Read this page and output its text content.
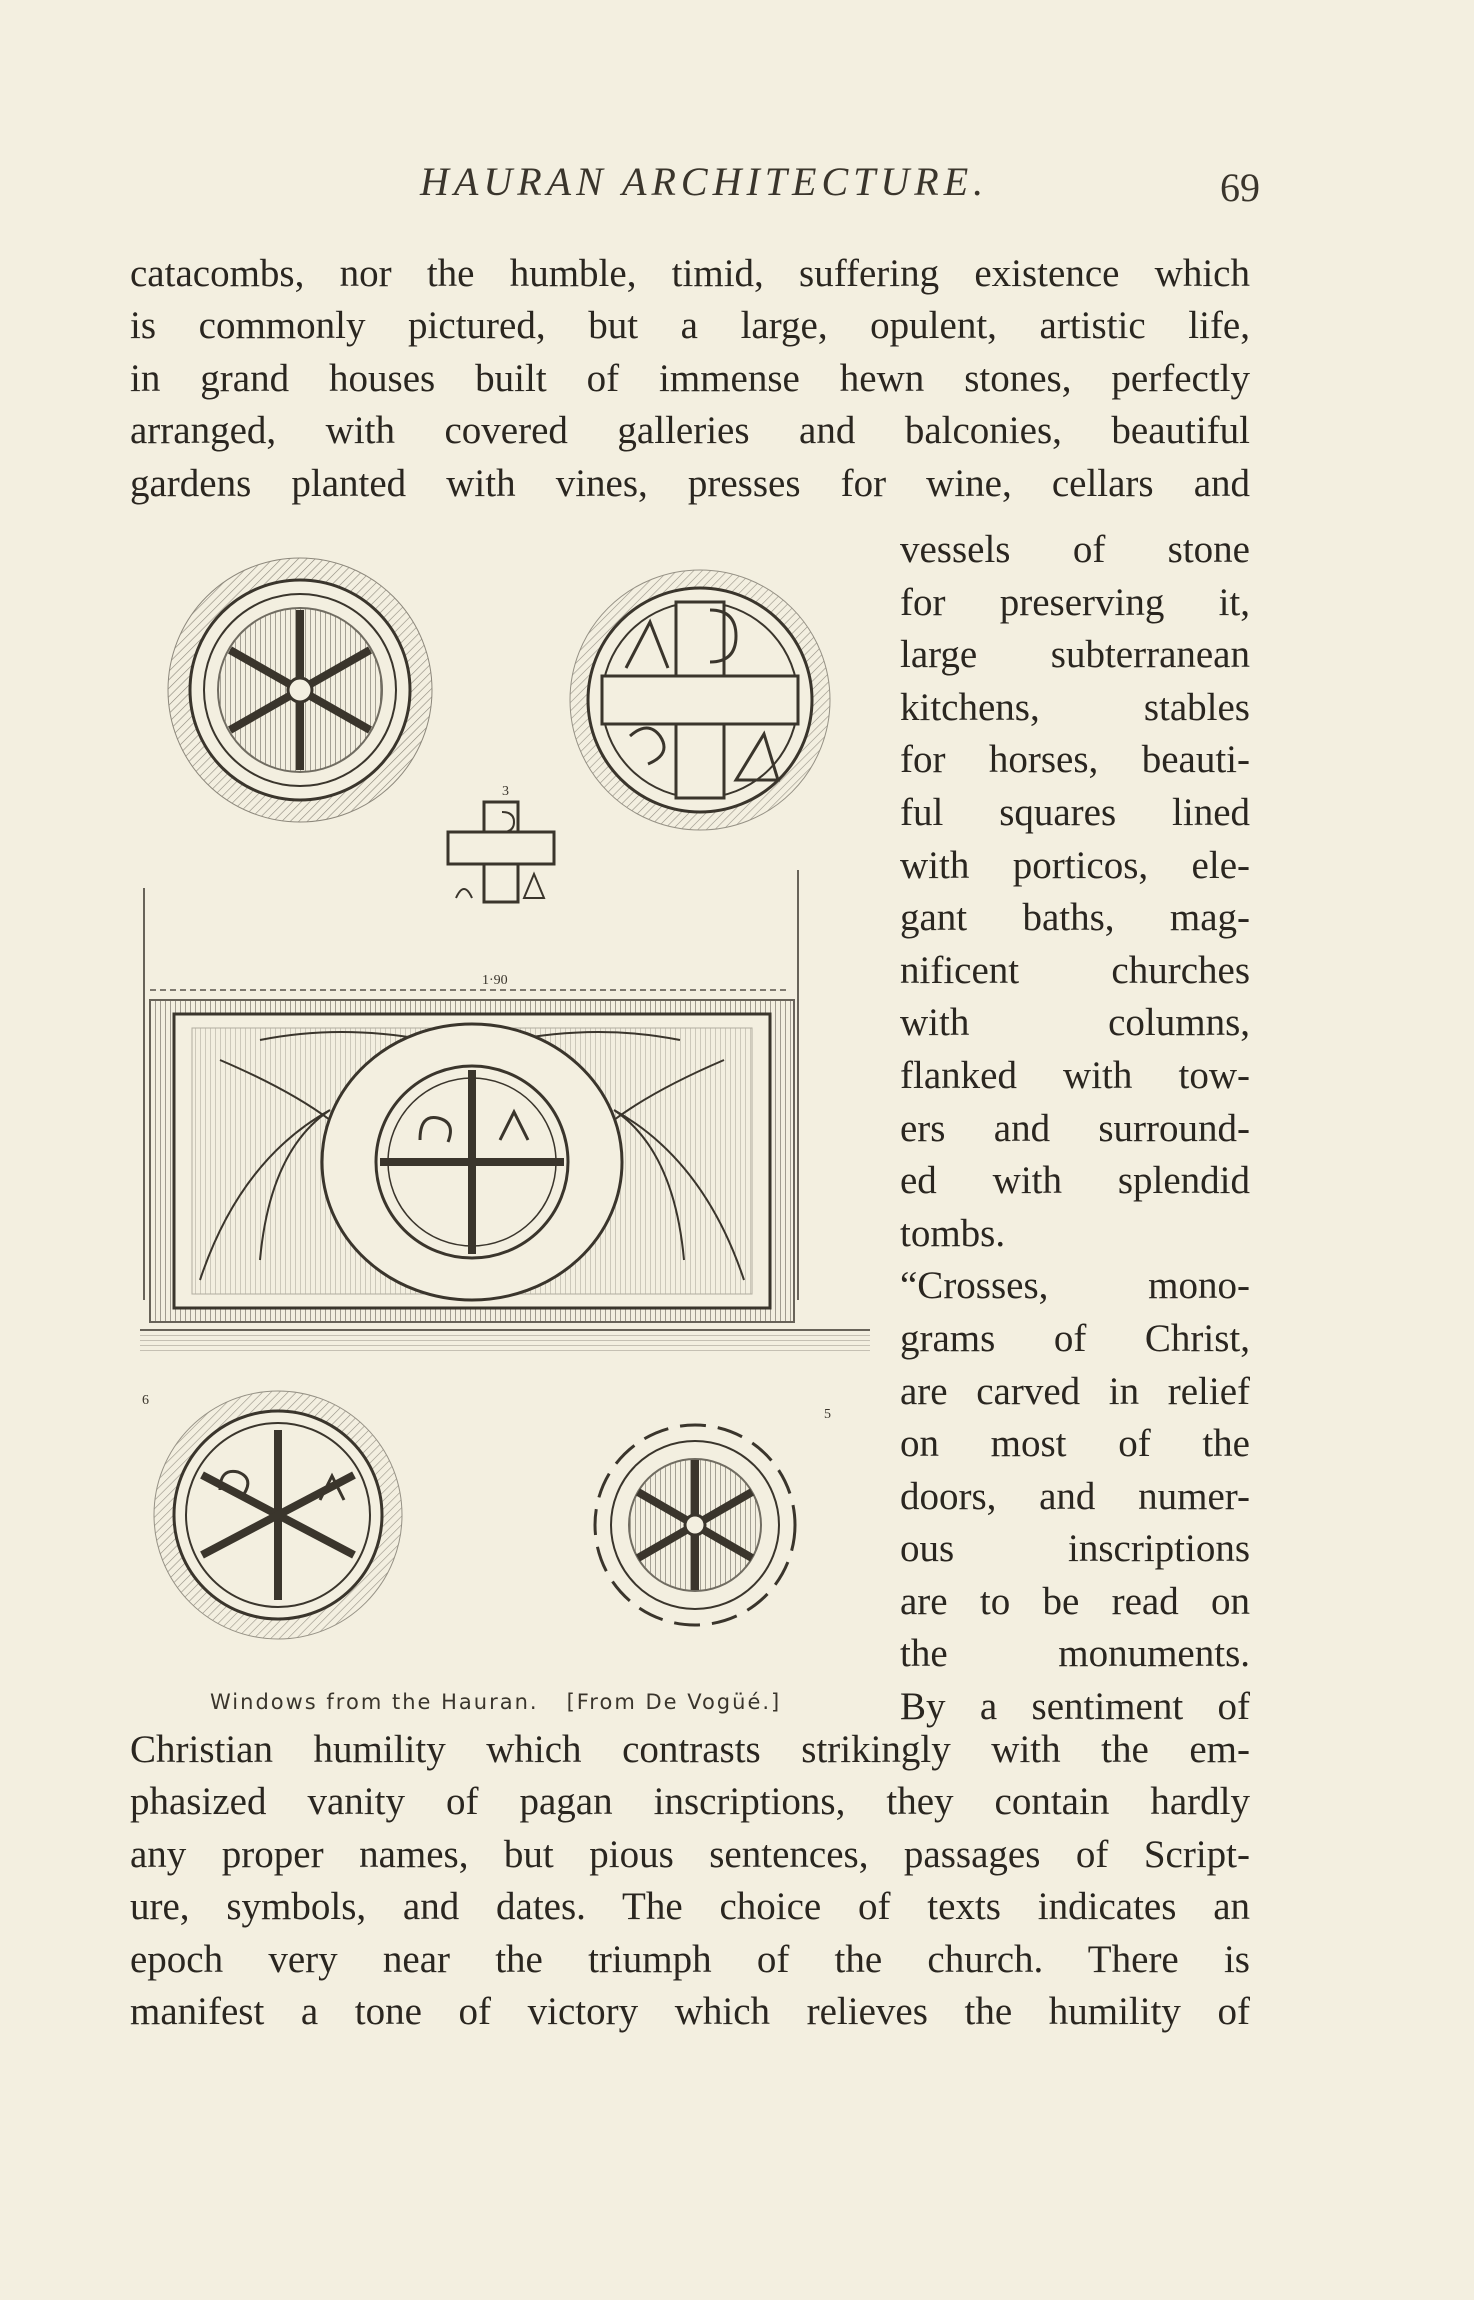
HAURAN ARCHITECTURE.	69
catacombs, nor the humble, timid, suffering existence which
is commonly pictured, but a large, opulent, artistic life,
in grand houses built of immense hewn stones, perfectly
arranged, with covered galleries and balconies, beautiful
gardens planted with vines, presses for wine, cellars and
vessels of stone
for preserving it,
large subterranean
kitchens, stables
for horses, beauti-
ful squares lined
with porticos, ele-
gant baths, mag-
nificent churches
with columns,
flanked with tow-
ers and surround-
ed with splendid
tombs.
“Crosses, mono-
grams of Christ,
are carved in relief
on most of the
doors, and numer-
ous inscriptions
are to be read on
the monuments.
By a sentiment of
3
1·90
6
5
Windows from the Hauran. [From De Vogüé.]
Christian humility which contrasts strikingly with the em-
phasized vanity of pagan inscriptions, they contain hardly
any proper names, but pious sentences, passages of Script-
ure, symbols, and dates. The choice of texts indicates an
epoch very near the triumph of the church. There is
manifest a tone of victory which relieves the humility of
